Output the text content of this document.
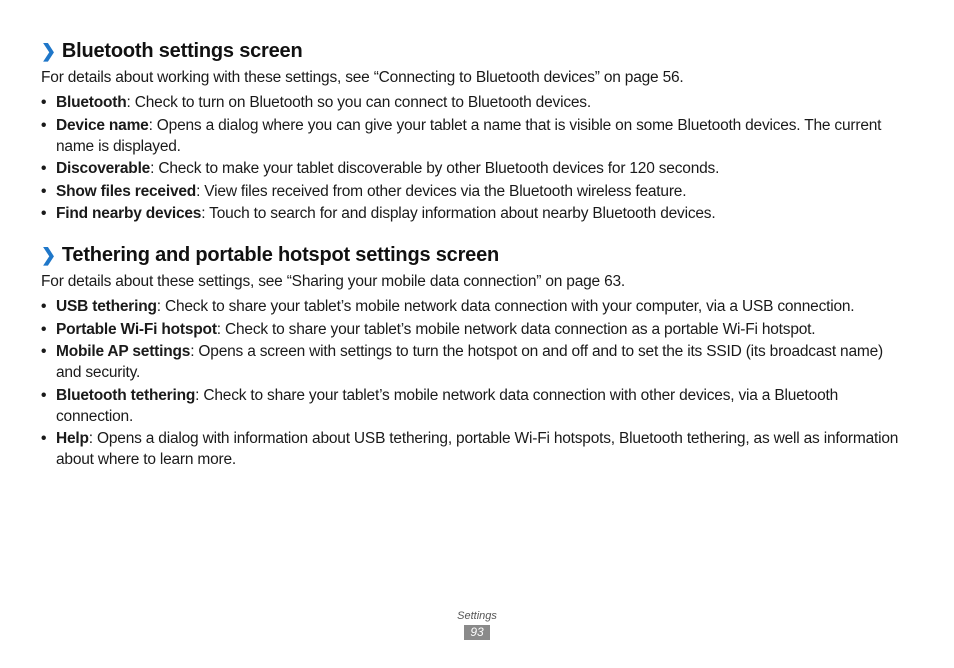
❯ Bluetooth settings screen

For details about working with these settings, see “Connecting to Bluetooth devices” on page 56.

• Bluetooth: Check to turn on Bluetooth so you can connect to Bluetooth devices.
• Device name: Opens a dialog where you can give your tablet a name that is visible on some Bluetooth devices. The current name is displayed.
• Discoverable: Check to make your tablet discoverable by other Bluetooth devices for 120 seconds.
• Show files received: View files received from other devices via the Bluetooth wireless feature.
• Find nearby devices: Touch to search for and display information about nearby Bluetooth devices.
❯ Tethering and portable hotspot settings screen

For details about these settings, see “Sharing your mobile data connection” on page 63.

• USB tethering: Check to share your tablet’s mobile network data connection with your computer, via a USB connection.
• Portable Wi-Fi hotspot: Check to share your tablet’s mobile network data connection as a portable Wi-Fi hotspot.
• Mobile AP settings: Opens a screen with settings to turn the hotspot on and off and to set the its SSID (its broadcast name) and security.
• Bluetooth tethering: Check to share your tablet’s mobile network data connection with other devices, via a Bluetooth connection.
• Help: Opens a dialog with information about USB tethering, portable Wi-Fi hotspots, Bluetooth tethering, as well as information about where to learn more.
Settings
93
